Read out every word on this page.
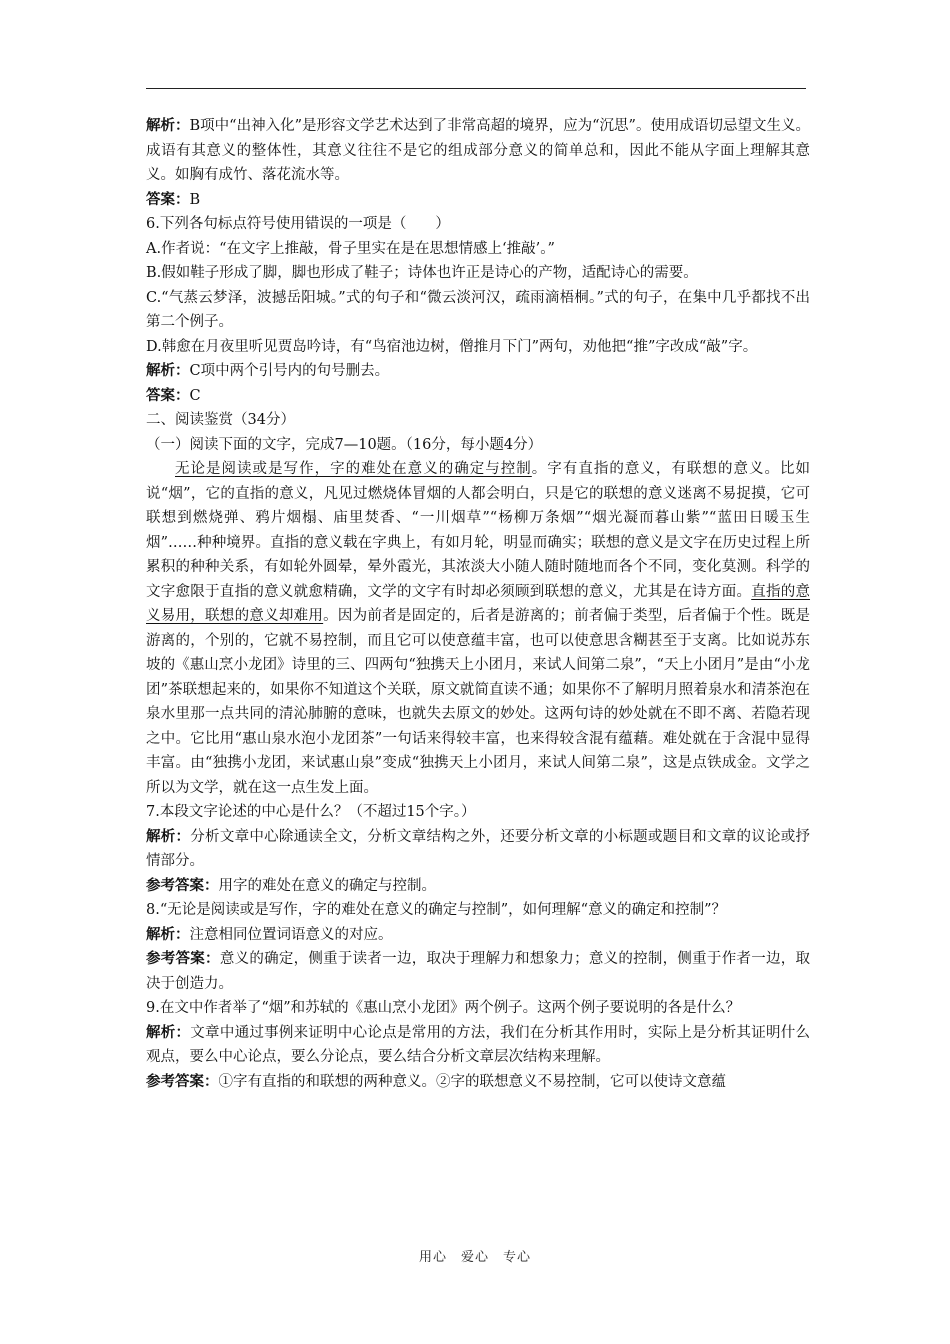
解析：B项中“出神入化”是形容文学艺术达到了非常高超的境界，应为“沉思”。使用成语切忌望文生义。成语有其意义的整体性，其意义往往不是它的组成部分意义的简单总和，因此不能从字面上理解其意义。如胸有成竹、落花流水等。

答案：B

6.下列各句标点符号使用错误的一项是（　　）

A.作者说：“在文字上推敲，骨子里实在是在思想情感上‘推敲’。”

B.假如鞋子形成了脚，脚也形成了鞋子；诗体也许正是诗心的产物，适配诗心的需要。

C.“气蒸云梦泽，波撼岳阳城。”式的句子和“微云淡河汉，疏雨滴梧桐。”式的句子，在集中几乎都找不出第二个例子。

D.韩愈在月夜里听见贾岛吟诗，有“鸟宿池边树，僧推月下门”两句，劝他把“推”字改成“敲”字。

解析：C项中两个引号内的句号删去。

答案：C

二、阅读鉴赏（34分）

（一）阅读下面的文字，完成7—10题。（16分，每小题4分）

无论是阅读或是写作，字的难处在意义的确定与控制。字有直指的意义，有联想的意义。比如说“烟”，它的直指的意义，凡见过燃烧体冒烟的人都会明白，只是它的联想的意义迷离不易捉摸，它可联想到燃烧弹、鸦片烟榻、庙里焚香、“一川烟草”“杨柳万条烟”“烟光凝而暮山紫”“蓝田日暖玉生烟”……种种境界。直指的意义载在字典上，有如月轮，明显而确实；联想的意义是文字在历史过程上所累积的种种关系，有如轮外圆晕，晕外霞光，其浓淡大小随人随时随地而各个不同，变化莫测。科学的文字愈限于直指的意义就愈精确，文学的文字有时却必须顾到联想的意义，尤其是在诗方面。直指的意义易用，联想的意义却难用。因为前者是固定的，后者是游离的；前者偏于类型，后者偏于个性。既是游离的，个别的，它就不易控制，而且它可以使意蕴丰富，也可以使意思含糊甚至于支离。比如说苏东坡的《惠山烹小龙团》诗里的三、四两句“独携天上小团月，来试人间第二泉”，“天上小团月”是由“小龙团”茶联想起来的，如果你不知道这个关联，原文就简直读不通；如果你不了解明月照着泉水和清茶泡在泉水里那一点共同的清沁肺腑的意味，也就失去原文的妙处。这两句诗的妙处就在不即不离、若隐若现之中。它比用“惠山泉水泡小龙团茶”一句话来得较丰富，也来得较含混有蕴藉。难处就在于含混中显得丰富。由“独携小龙团，来试惠山泉”变成“独携天上小团月，来试人间第二泉”，这是点铁成金。文学之所以为文学，就在这一点生发上面。

7.本段文字论述的中心是什么？（不超过15个字。）

解析：分析文章中心除通读全文，分析文章结构之外，还要分析文章的小标题或题目和文章的议论或抒情部分。

参考答案：用字的难处在意义的确定与控制。

8.“无论是阅读或是写作，字的难处在意义的确定与控制”，如何理解“意义的确定和控制”？

解析：注意相同位置词语意义的对应。

参考答案：意义的确定，侧重于读者一边，取决于理解力和想象力；意义的控制，侧重于作者一边，取决于创造力。

9.在文中作者举了“烟”和苏轼的《惠山烹小龙团》两个例子。这两个例子要说明的各是什么？

解析：文章中通过事例来证明中心论点是常用的方法，我们在分析其作用时，实际上是分析其证明什么观点，要么中心论点，要么分论点，要么结合分析文章层次结构来理解。

参考答案：①字有直指的和联想的两种意义。②字的联想意义不易控制，它可以使诗文意蕴

用心　爱心　专心
